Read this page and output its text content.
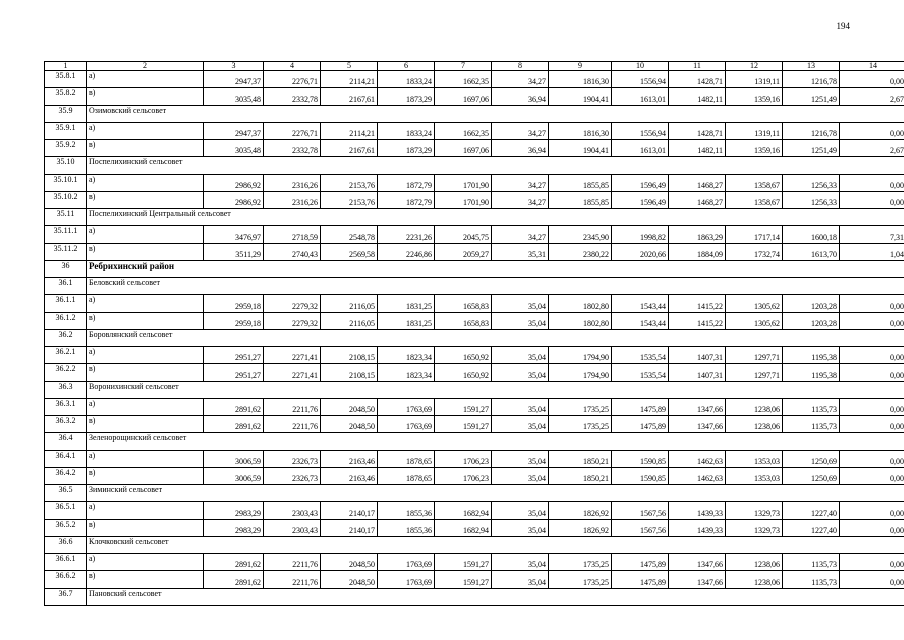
194
1	2	3	4	5	6	7	8	9	10	11	12	13	14
35.8.1	а)	2947,37	2276,71	2114,21	1833,24	1662,35	34,27	1816,30	1556,94	1428,71	1319,11	1216,78	0,00
35.8.2	в)	3035,48	2332,78	2167,61	1873,29	1697,06	36,94	1904,41	1613,01	1482,11	1359,16	1251,49	2,67
35.9	Озимовский сельсовет												
35.9.1	а)	2947,37	2276,71	2114,21	1833,24	1662,35	34,27	1816,30	1556,94	1428,71	1319,11	1216,78	0,00
35.9.2	в)	3035,48	2332,78	2167,61	1873,29	1697,06	36,94	1904,41	1613,01	1482,11	1359,16	1251,49	2,67
35.10	Поспелихинский сельсовет												
35.10.1	а)	2986,92	2316,26	2153,76	1872,79	1701,90	34,27	1855,85	1596,49	1468,27	1358,67	1256,33	0,00
35.10.2	в)	2986,92	2316,26	2153,76	1872,79	1701,90	34,27	1855,85	1596,49	1468,27	1358,67	1256,33	0,00
35.11	Поспелихинский Центральный сельсовет												
35.11.1	а)	3476,97	2718,59	2548,78	2231,26	2045,75	34,27	2345,90	1998,82	1863,29	1717,14	1600,18	7,31
35.11.2	в)	3511,29	2740,43	2569,58	2246,86	2059,27	35,31	2380,22	2020,66	1884,09	1732,74	1613,70	1,04
36	Ребрихинский район												
36.1	Беловский сельсовет												
36.1.1	а)	2959,18	2279,32	2116,05	1831,25	1658,83	35,04	1802,80	1543,44	1415,22	1305,62	1203,28	0,00
36.1.2	в)	2959,18	2279,32	2116,05	1831,25	1658,83	35,04	1802,80	1543,44	1415,22	1305,62	1203,28	0,00
36.2	Боровлянский сельсовет												
36.2.1	а)	2951,27	2271,41	2108,15	1823,34	1650,92	35,04	1794,90	1535,54	1407,31	1297,71	1195,38	0,00
36.2.2	в)	2951,27	2271,41	2108,15	1823,34	1650,92	35,04	1794,90	1535,54	1407,31	1297,71	1195,38	0,00
36.3	Воронихинский сельсовет												
36.3.1	а)	2891,62	2211,76	2048,50	1763,69	1591,27	35,04	1735,25	1475,89	1347,66	1238,06	1135,73	0,00
36.3.2	в)	2891,62	2211,76	2048,50	1763,69	1591,27	35,04	1735,25	1475,89	1347,66	1238,06	1135,73	0,00
36.4	Зеленорощинский сельсовет												
36.4.1	а)	3006,59	2326,73	2163,46	1878,65	1706,23	35,04	1850,21	1590,85	1462,63	1353,03	1250,69	0,00
36.4.2	в)	3006,59	2326,73	2163,46	1878,65	1706,23	35,04	1850,21	1590,85	1462,63	1353,03	1250,69	0,00
36.5	Зиминский сельсовет												
36.5.1	а)	2983,29	2303,43	2140,17	1855,36	1682,94	35,04	1826,92	1567,56	1439,33	1329,73	1227,40	0,00
36.5.2	в)	2983,29	2303,43	2140,17	1855,36	1682,94	35,04	1826,92	1567,56	1439,33	1329,73	1227,40	0,00
36.6	Клочковский сельсовет												
36.6.1	а)	2891,62	2211,76	2048,50	1763,69	1591,27	35,04	1735,25	1475,89	1347,66	1238,06	1135,73	0,00
36.6.2	в)	2891,62	2211,76	2048,50	1763,69	1591,27	35,04	1735,25	1475,89	1347,66	1238,06	1135,73	0,00
36.7	Пановский сельсовет												
